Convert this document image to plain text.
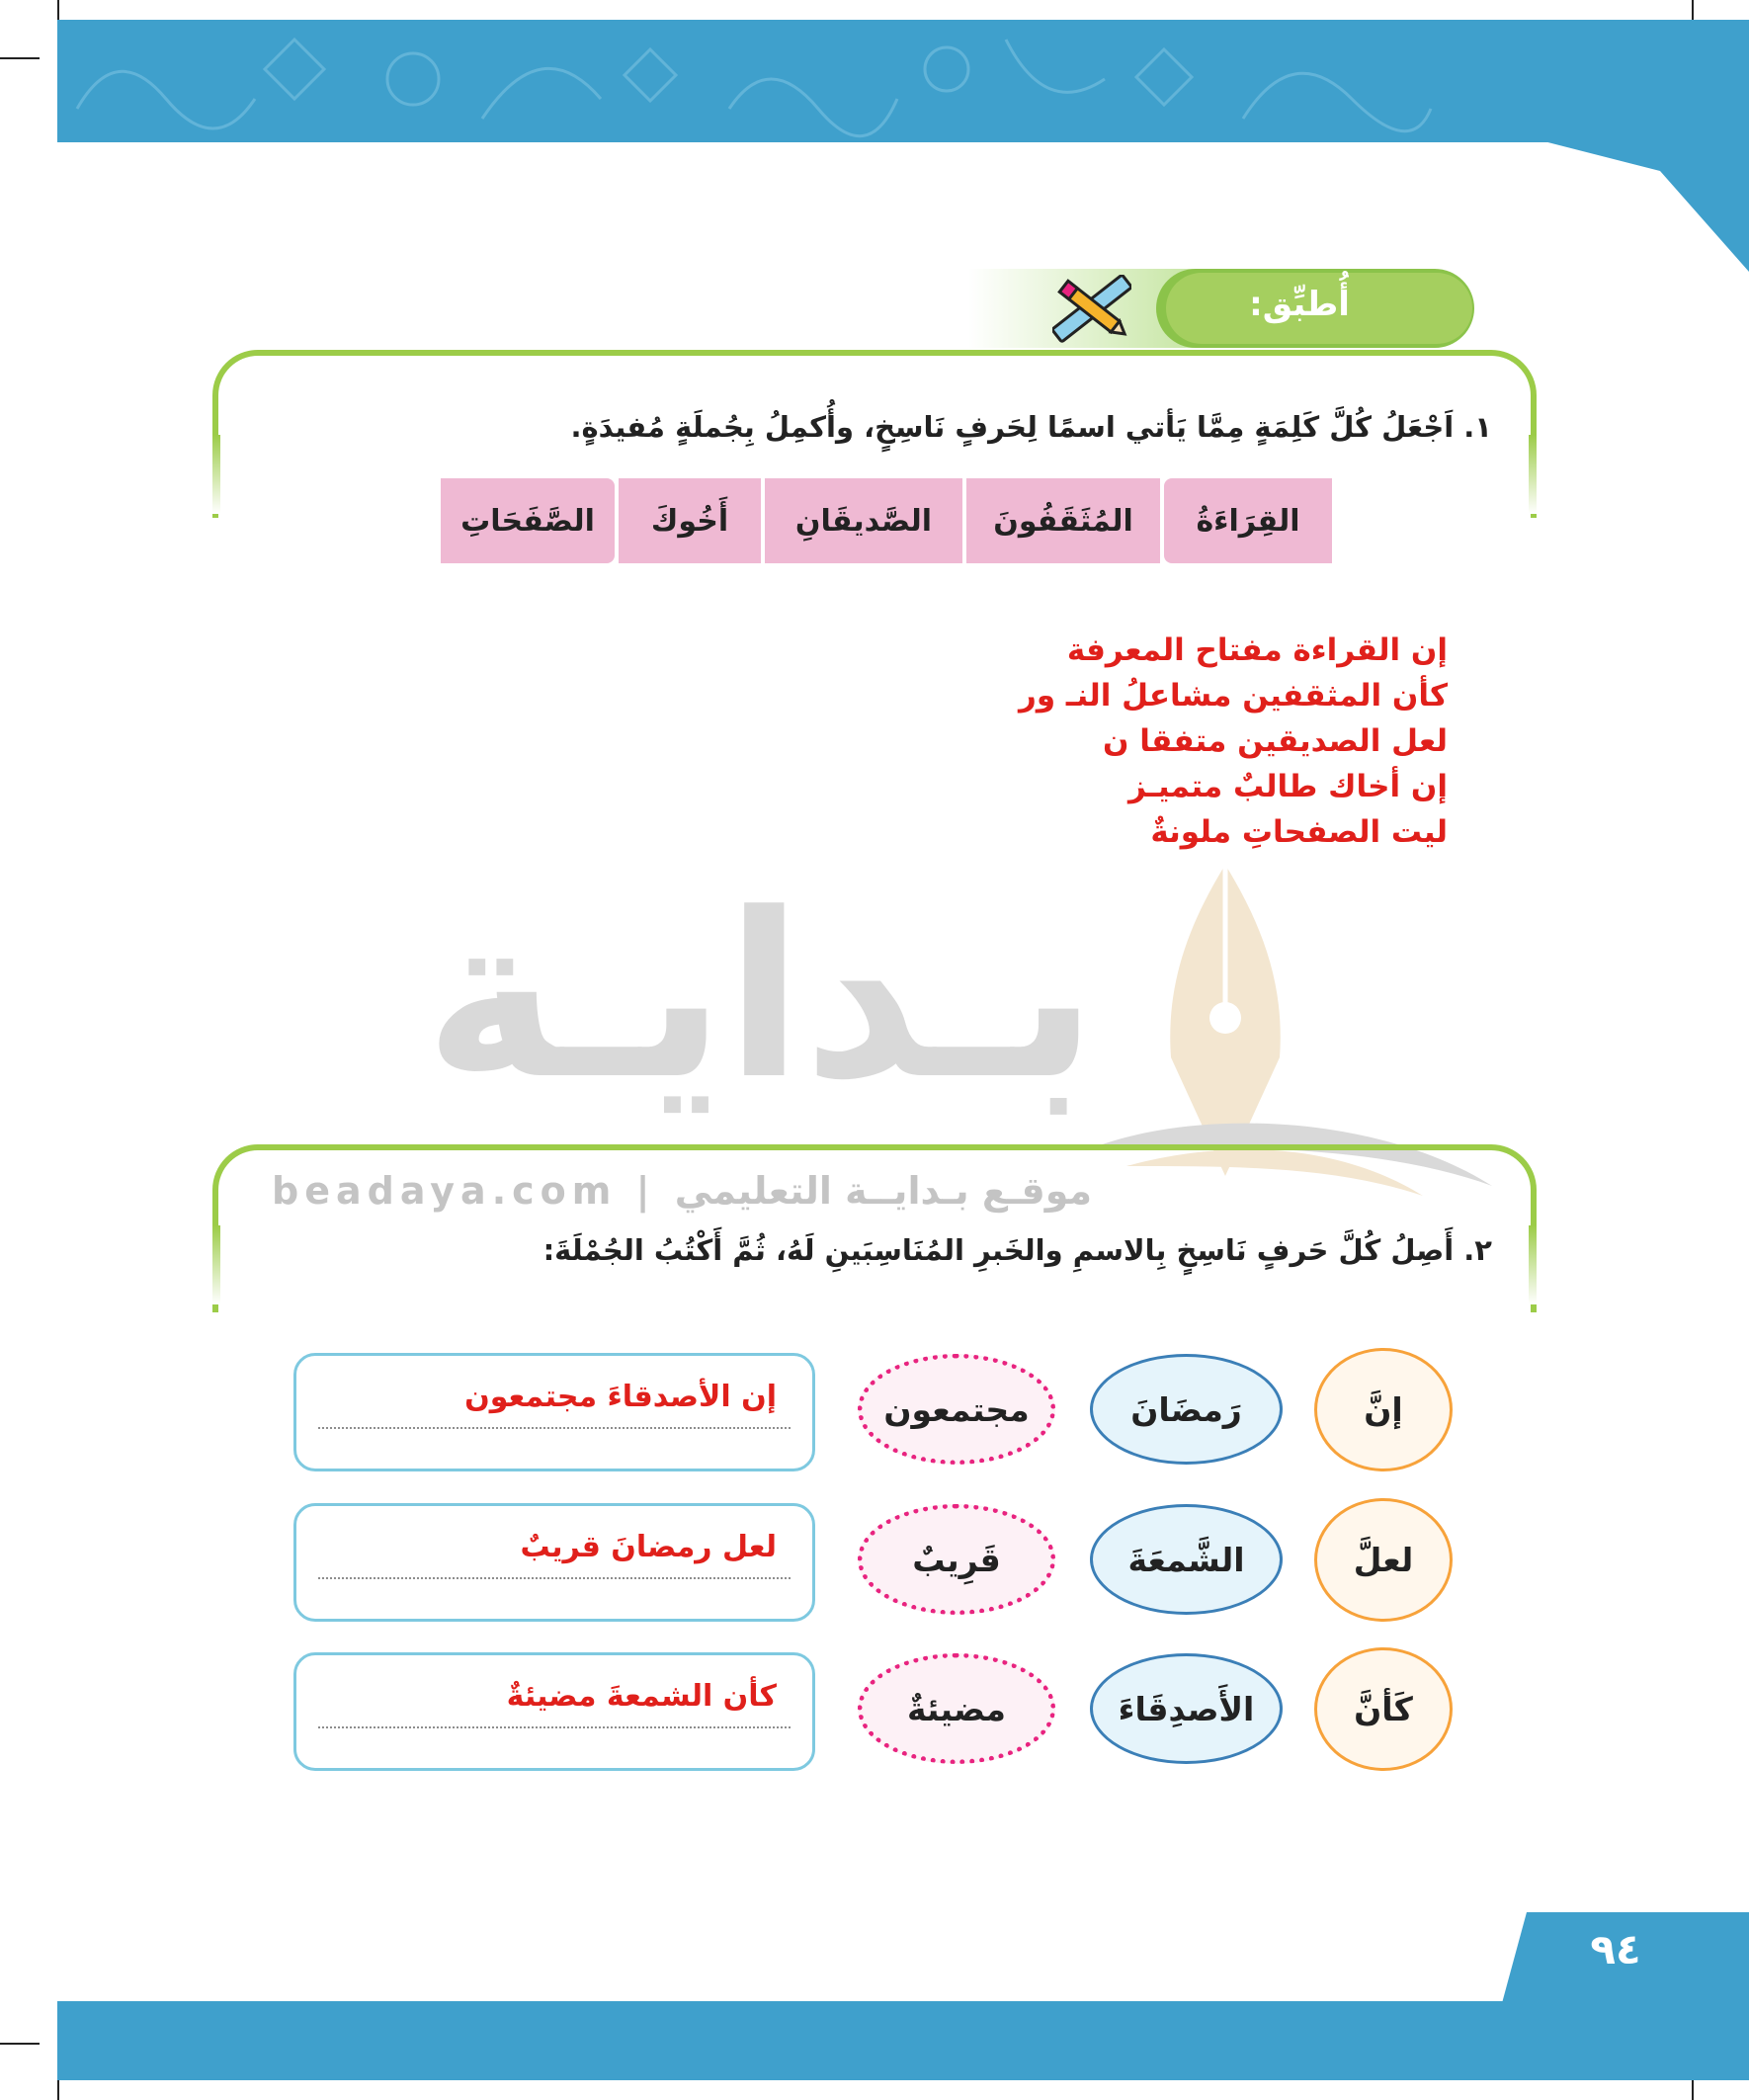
أُطبِّق:
١. اَجْعَلُ كُلَّ كَلِمَةٍ مِمَّا يَأتي اسمًا لِحَرفٍ نَاسِخٍ، وأُكمِلُ بِجُملَةٍ مُفيدَةٍ.
القِرَاءَةُ
المُثَقَفُونَ
الصَّديقَانِ
أَخُوكَ
الصَّفَحَاتِ
إن القراءة مفتاح المعرفة
كأن المثقفين مشاعلُ النـ ور
لعل الصديقين متفقا ن
إن أخاك طالبٌ متميـز
ليت الصفحاتِ ملونةٌ
بـدايـة
beadaya.com | موقـع بـدايــة التعليمي
٢. أَصِلُ كُلَّ حَرفٍ نَاسِخٍ بِالاسمِ والخَبرِ المُنَاسِبَينِ لَهُ، ثُمَّ أَكْتُبُ الجُمْلَةَ:
إنَّ
رَمضَانَ
مجتمعون
إن الأصدقاءَ مجتمعون
لعلَّ
الشَّمعَةَ
قَرِيبٌ
لعل رمضانَ قريبٌ
كَأنَّ
الأَصدِقَاءَ
مضيئةٌ
كأن الشمعةَ مضيئةٌ
٩٤
